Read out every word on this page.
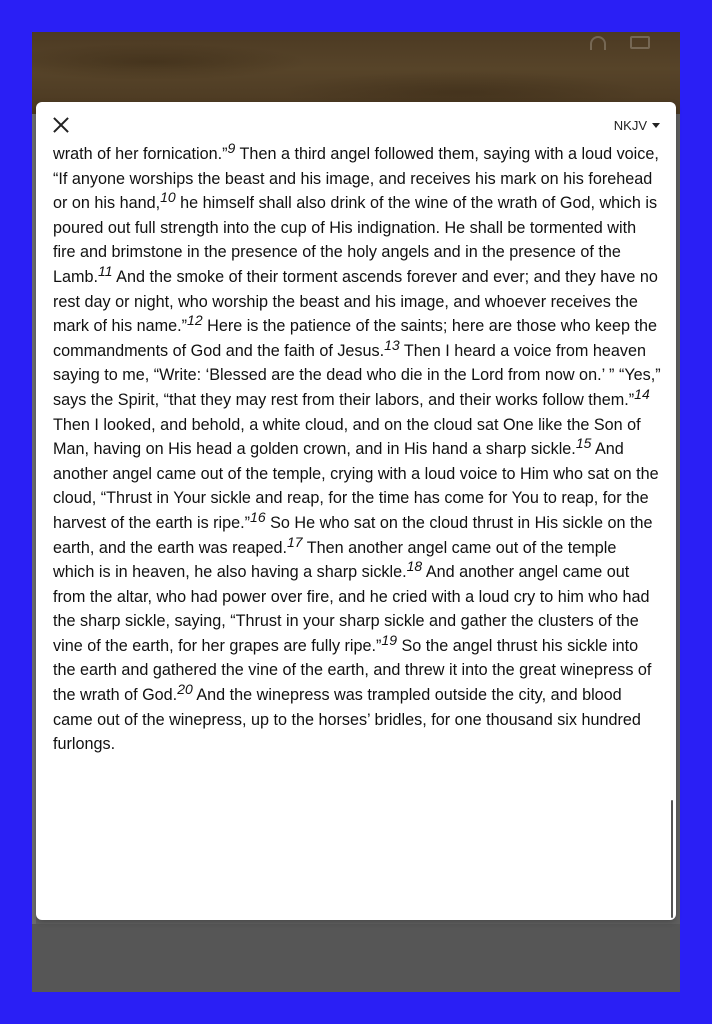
NKJV

wrath of her fornication.”9 Then a third angel followed them, saying with a loud voice, “If anyone worships the beast and his image, and receives his mark on his forehead or on his hand,10 he himself shall also drink of the wine of the wrath of God, which is poured out full strength into the cup of His indignation. He shall be tormented with fire and brimstone in the presence of the holy angels and in the presence of the Lamb.11 And the smoke of their torment ascends forever and ever; and they have no rest day or night, who worship the beast and his image, and whoever receives the mark of his name.”12 Here is the patience of the saints; here are those who keep the commandments of God and the faith of Jesus.13 Then I heard a voice from heaven saying to me, “Write: ‘Blessed are the dead who die in the Lord from now on.’ ” “Yes,” says the Spirit, “that they may rest from their labors, and their works follow them.”14 Then I looked, and behold, a white cloud, and on the cloud sat One like the Son of Man, having on His head a golden crown, and in His hand a sharp sickle.15 And another angel came out of the temple, crying with a loud voice to Him who sat on the cloud, “Thrust in Your sickle and reap, for the time has come for You to reap, for the harvest of the earth is ripe.”16 So He who sat on the cloud thrust in His sickle on the earth, and the earth was reaped.17 Then another angel came out of the temple which is in heaven, he also having a sharp sickle.18 And another angel came out from the altar, who had power over fire, and he cried with a loud cry to him who had the sharp sickle, saying, “Thrust in your sharp sickle and gather the clusters of the vine of the earth, for her grapes are fully ripe.”19 So the angel thrust his sickle into the earth and gathered the vine of the earth, and threw it into the great winepress of the wrath of God.20 And the winepress was trampled outside the city, and blood came out of the winepress, up to the horses’ bridles, for one thousand six hundred furlongs.
